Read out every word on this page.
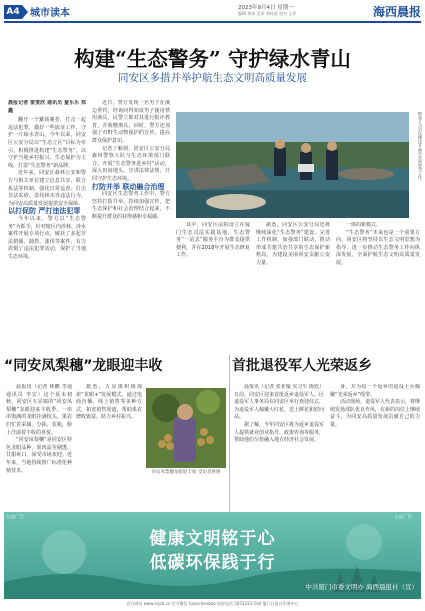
A4 城市读本	2023年9月4日 星期一
编辑 林伟 美术 郑梓贤 校对 王萍	海西晨报
构建“生态警务” 守护绿水青山
同安区多措并举护航生态文明高质量发展

晨报记者 雷雯欣 通讯员 童乐乐 郑鑫

翻开一个繁扬案卷，打击一起违法犯罪，做好一些取证工作，守护一片绿水青山。今年以来，同安区公安分局以“生态立区”目标为牵引，积极推进构建“生态警务”，以守护当地乡村振兴、生态保护为主线，打造“生态警务”新品牌。

近年来，同安区森林公安和警方与相关单位建立信息共享、联合执法等机制，强化日常巡查、打击非法采砂、盗伐林木等违法行为，为同安高质量发展提供安全保障。

以打促防 严打违法犯罪

今年以来，警方以“生态警务”为抓手，针对辖区内涉林、涉水案件开展专项行动，破获了多起非法猎捕、捕捞、滥伐等案件，有力震慑了违法犯罪活动，保护了当地生态环境。

近日，警方发现一名男子在溪边垂钓，经询问得知该男子使用禁用渔具，民警立即对其进行批评教育，并收缴渔具。同时，警方还加强了对野生动物保护的宣传，提高群众保护意识。

记者了解到，同安区公安分局森林警察大队与生态环境部门联合，开展“生态警务进乡村”活动，深入田间地头，宣讲法律法规，共同守护生态环境。

打防并举 联动融合治理

同安区生态警务工作中，警方坚持打防并举，持续加强宣传，把生态保护和社会治理结合起来，不断提升群众的获得感和幸福感。

警务人员在溪边开展生态巡查工作。

其中，同安区法院设立在厦门生态司法实践基地，生态警务“一站式”服务平台为群众提供便利，并在2018年开展生态修复工作。

据悉，同安区公安分局还将继续深化“生态警务”建设，完善工作机制，加强部门联动，推动形成共建共治共享的生态保护新格局，为建设美丽同安贡献公安力量。

一体的新模式。

“生态警务”未来也是一个重要方向，同安区将坚持以生态文明思想为指导，进一步推动生态警务工作向纵深发展，全面护航生态文明高质量发展。

“同安凤梨穗”龙眼迎丰收

晨报讯（记者 林鹏 李通 通讯员 李宏）这个夏末初秋，同安区五显镇的“同安凤梨穗”龙眼迎来丰收季，一串串饱满的龙眼挂满枝头，果农们忙着采摘、分拣、装箱，脸上洋溢着丰收的喜悦。

“同安凤梨穗”是同安区特色龙眼品种，果肉晶莹剔透、甘甜爽口，深受市场欢迎。近年来，当地持续推广标准化种植技术。

据悉，五显镇积极探索“龙眼+”发展模式，通过电商直播、线上销售等多种方式，拓宽销售渠道，帮助果农增收致富，助力乡村振兴。

同安凤梨穗龙眼迎丰收 受访者供图
首批退役军人光荣返乡

晨报讯（记者 张亚璇 实习生 陈欣）日前，同安区迎来首批返乡退役军人。区退役军人事务局在同安区举行欢迎仪式，为退役军人佩戴大红花，送上鲜花和慰问品。

据了解，今年同安区将为返乡退役军人提供就业创业指导、政策咨询等服务，帮助他们尽快融入地方经济社会发展。

身，并为每一个返乡的退役士兵佩戴“光荣返乡”绶带。

活动现场，退役军人代表表示，将继续发扬部队优良作风，在新的岗位上继续奋斗，为同安高质量发展贡献自己的力量。

公益广告	公益广告
健康文明铭于心
低碳环保践于行
中共厦门市委文明办 海西晨报社（宣）
官方网站 www.ssjcb.cn 官方微信 haixichenbao 投诉电话 5053333 印刷 厦门日报社印务中心
